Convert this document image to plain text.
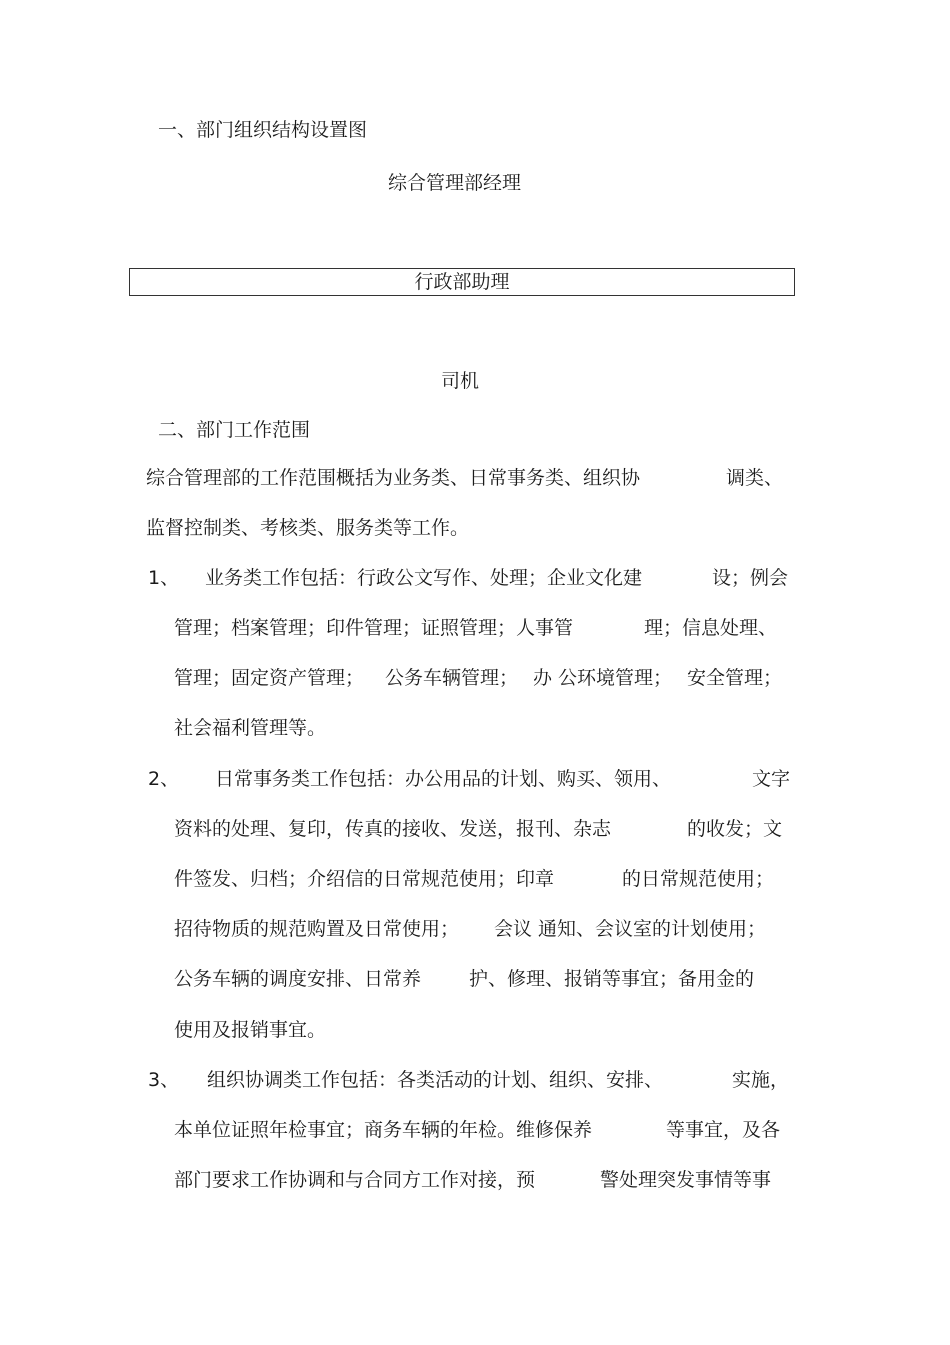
一、部门组织结构设置图
综合管理部经理
行政部助理
司机
二、部门工作范围
综合管理部的工作范围概括为业务类、日常事务类、组织协	调类、
监督控制类、考核类、服务类等工作。
1、 业务类工作包括：行政公文写作、处理；企业文化建	设；例会
管理；档案管理；印件管理；证照管理；人事管	理；信息处理、
管理；固定资产管理； 公务车辆管理； 办 公环境管理； 安全管理；
社会福利管理等。
2、 日常事务类工作包括：办公用品的计划、购买、领用、	文字
资料的处理、复印，传真的接收、发送，报刊、杂志	的收发；文
件签发、归档；介绍信的日常规范使用；印章	的日常规范使用；
招待物质的规范购置及日常使用； 会议 通知、会议室的计划使用；
公务车辆的调度安排、日常养	护、修理、报销等事宜；备用金的
使用及报销事宜。
3、 组织协调类工作包括：各类活动的计划、组织、安排、	实施，
本单位证照年检事宜；商务车辆的年检。维修保养	等事宜，及各
部门要求工作协调和与合同方工作对接，预	警处理突发事情等事
